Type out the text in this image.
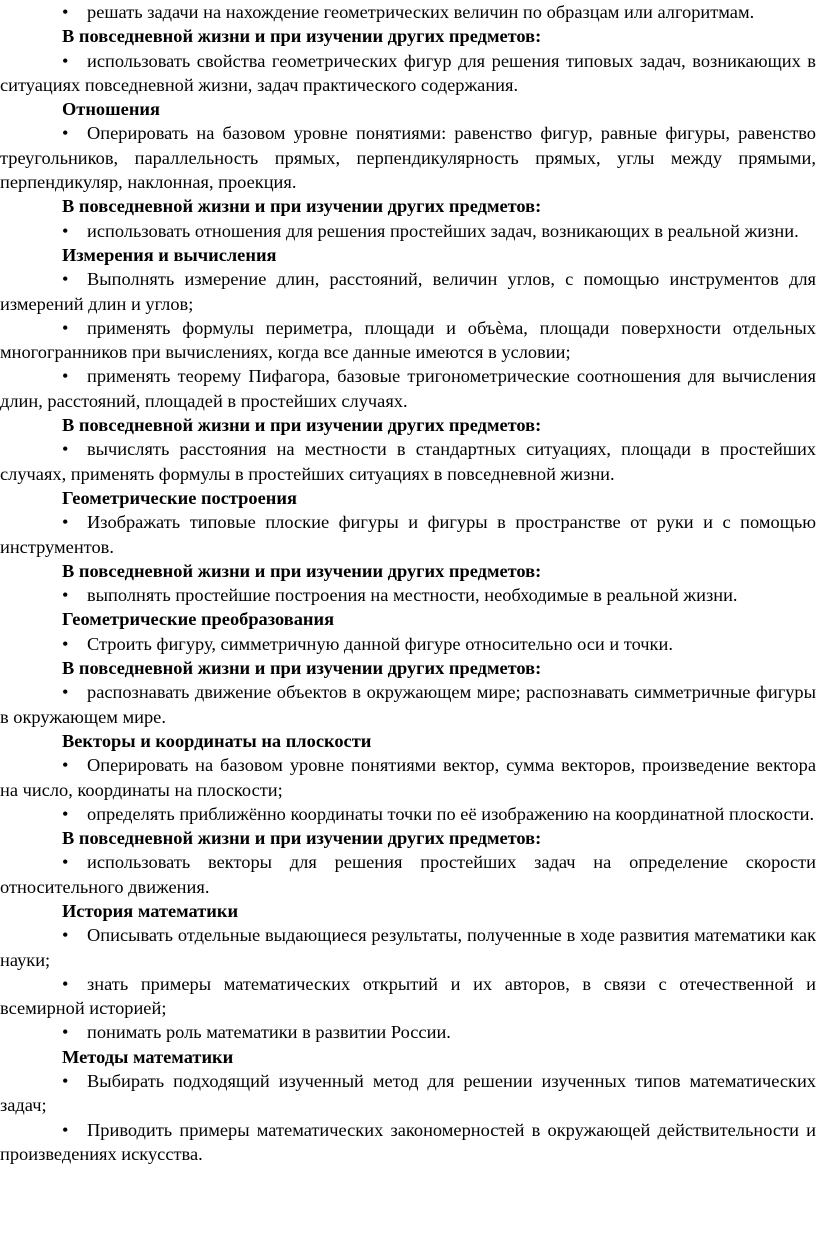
• решать задачи на нахождение геометрических величин по образцам или алгоритмам.

В повседневной жизни и при изучении других предметов:

• использовать свойства геометрических фигур для решения типовых задач, возникающих в ситуациях повседневной жизни, задач практического содержания.

Отношения

• Оперировать на базовом уровне понятиями: равенство фигур, равные фигуры, равенство треугольников, параллельность прямых, перпендикулярность прямых, углы между прямыми, перпендикуляр, наклонная, проекция.

В повседневной жизни и при изучении других предметов:

• использовать отношения для решения простейших задач, возникающих в реальной жизни.

Измерения и вычисления

• Выполнять измерение длин, расстояний, величин углов, с помощью инструментов для измерений длин и углов;

• применять формулы периметра, площади и объѐма, площади поверхности отдельных многогранников при вычислениях, когда все данные имеются в условии;

• применять теорему Пифагора, базовые тригонометрические соотношения для вычисления длин, расстояний, площадей в простейших случаях.

В повседневной жизни и при изучении других предметов:

• вычислять расстояния на местности в стандартных ситуациях, площади в простейших случаях, применять формулы в простейших ситуациях в повседневной жизни.

Геометрические построения

• Изображать типовые плоские фигуры и фигуры в пространстве от руки и с помощью инструментов.

В повседневной жизни и при изучении других предметов:

• выполнять простейшие построения на местности, необходимые в реальной жизни.

Геометрические преобразования

• Строить фигуру, симметричную данной фигуре относительно оси и точки.

В повседневной жизни и при изучении других предметов:

• распознавать движение объектов в окружающем мире; распознавать симметричные фигуры в окружающем мире.

Векторы и координаты на плоскости

• Оперировать на базовом уровне понятиями вектор, сумма векторов, произведение вектора на число, координаты на плоскости;

• определять приближённо координаты точки по её изображению на координатной плоскости.

В повседневной жизни и при изучении других предметов:

• использовать векторы для решения простейших задач на определение скорости относительного движения.

История математики

• Описывать отдельные выдающиеся результаты, полученные в ходе развития математики как науки;

• знать примеры математических открытий и их авторов, в связи с отечественной и всемирной историей;

• понимать роль математики в развитии России.

Методы математики

• Выбирать подходящий изученный метод для решении изученных типов математических задач;

• Приводить примеры математических закономерностей в окружающей действительности и произведениях искусства.
